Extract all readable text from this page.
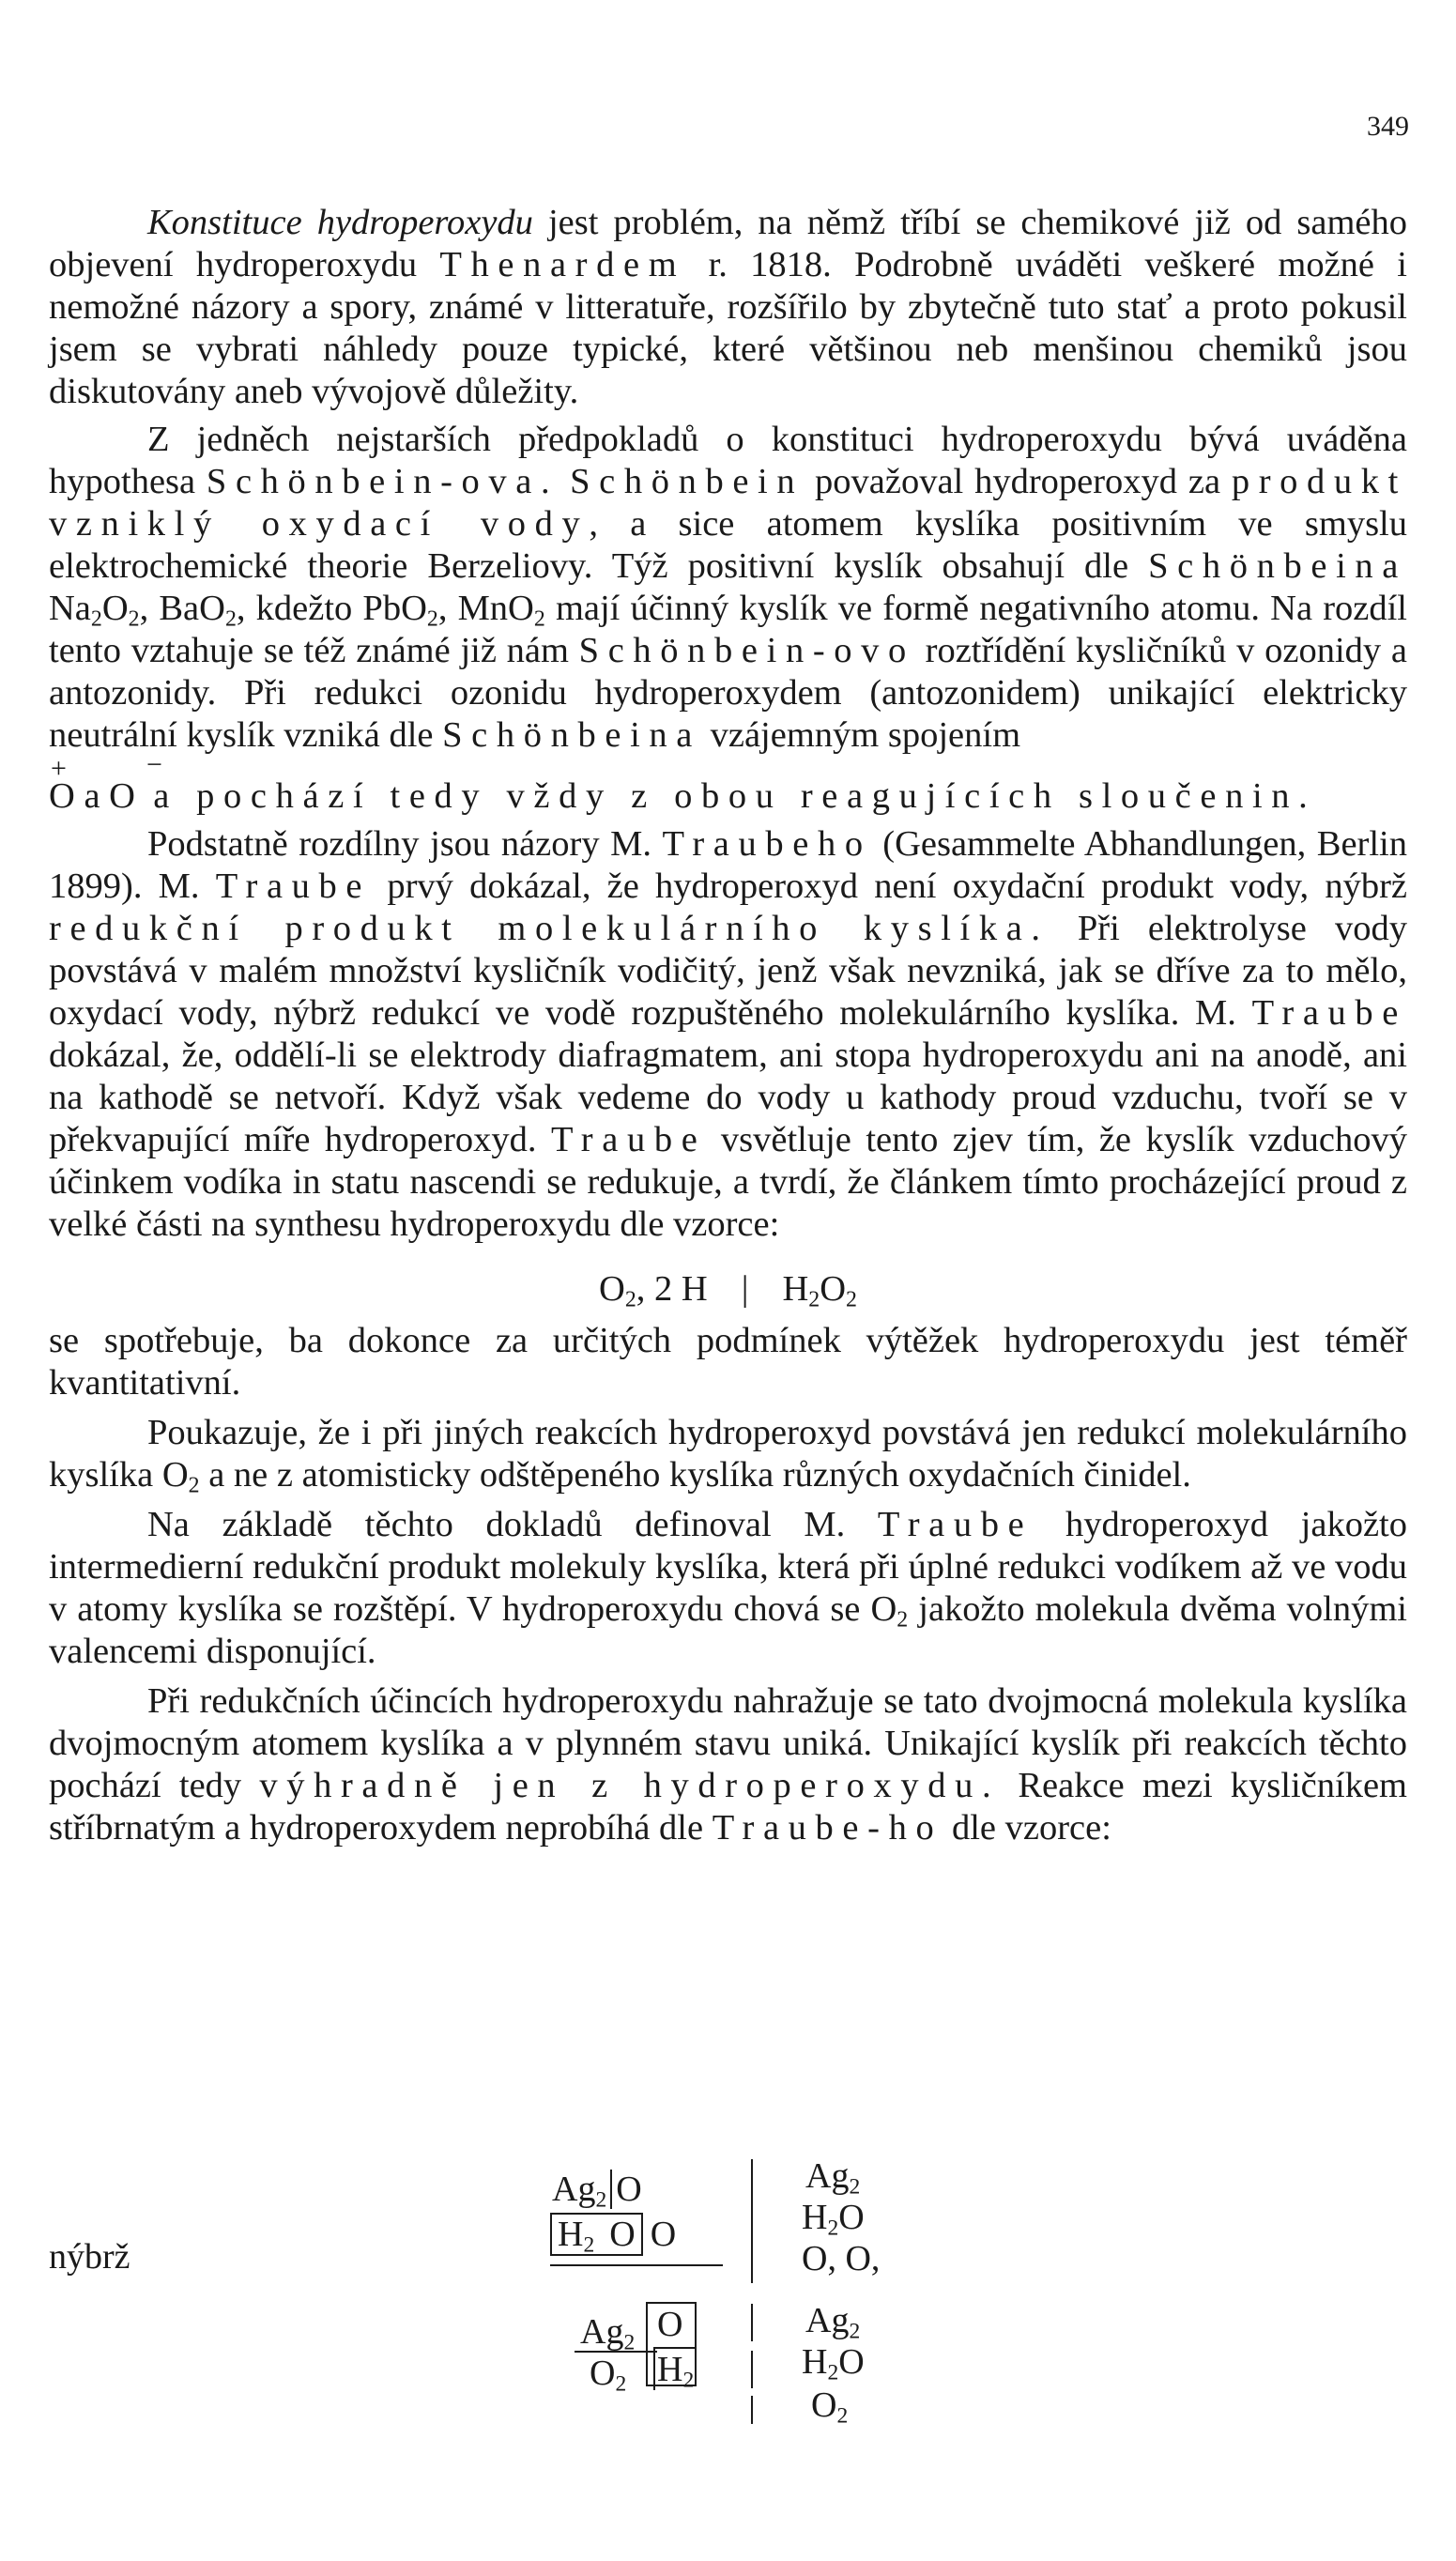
349

Konstituce hydroperoxydu jest problém, na němž tříbí se chemikové již od samého objevení hydroperoxydu Thenardem r. 1818. Podrobně uváděti veškeré možné i nemožné názory a spory, známé v litteratuře, rozšířilo by zbytečně tuto stať a proto pokusil jsem se vybrati náhledy pouze typické, které většinou neb menšinou chemiků jsou diskutovány aneb vývojově důležity.

Z jedněch nejstarších předpokladů o konstituci hydroperoxydu bývá uváděna hypothesa Schönbein-ova. Schönbein považoval hydroperoxyd za produkt vzniklý oxydací vody, a sice atomem kyslíka positivním ve smyslu elektrochemické theorie Berzeliovy. Týž positivní kyslík obsahují dle Schönbeina $Na_2O_2$, BaO$_2$, kdežto PbO$_2$, MnO$_2$ mají účinný kyslík ve formě negativního atomu. Na rozdíl tento vztahuje se též známé již nám Schönbein-ovo roztřídění kysličníků v ozonidy a antozonidy. Při redukci ozonidu hydroperoxydem (antozonidem) unikající elektricky neutrální kyslík vzniká dle Schönbeina vzájemným spojením

+	−
O a O a pochází tedy vždy z obou reagujících sloučenin.

Podstatně rozdílny jsou názory M. Traubeho (Gesammelte Abhandlungen, Berlin 1899). M. Traube prvý dokázal, že hydroperoxyd není oxydační produkt vody, nýbrž redukční produkt molekulárního kyslíka. Při elektrolyse vody povstává v malém množství kysličník vodičitý, jenž však nevzniká, jak se dříve za to mělo, oxydací vody, nýbrž redukcí ve vodě rozpuštěného molekulárního kyslíka. M. Traube dokázal, že, oddělí-li se elektrody diafragmatem, ani stopa hydroperoxydu ani na anodě, ani na kathodě se netvoří. Když však vedeme do vody u kathody proud vzduchu, tvoří se v překvapující míře hydroperoxyd. Traube vsvětluje tento zjev tím, že kyslík vzduchový účinkem vodíka in statu nascendi se redukuje, a tvrdí, že článkem tímto procházející proud z velké části na synthesu hydroperoxydu dle vzorce:

$O_2$, 2 H | $H_2O_2$

se spotřebuje, ba dokonce za určitých podmínek výtěžek hydroperoxydu jest téměř kvantitativní.

Poukazuje, že i při jiných reakcích hydroperoxyd povstává jen redukcí molekulárního kyslíka $O_2$ a ne z atomisticky odštěpeného kyslíka různých oxydačních činidel.

Na základě těchto dokladů definoval M. Traube hydroperoxyd jakožto intermedierní redukční produkt molekuly kyslíka, která při úplné redukci vodíkem až ve vodu v atomy kyslíka se rozštěpí. V hydroperoxydu chová se $O_2$ jakožto molekula dvěma volnými valencemi disponující.

Při redukčních účincích hydroperoxydu nahražuje se tato dvojmocná molekula kyslíka dvojmocným atomem kyslíka a v plynném stavu uniká. Unikající kyslík při reakcích těchto pochází tedy výhradně jen z hydroperoxydu. Reakce mezi kysličníkem stříbrnatým a hydroperoxydem neprobíhá dle Traube-ho dle vzorce:

$Ag_2$ O
$H_2$ O O
$Ag_2$
$H_2O$
O, O,
nýbrž
$Ag_2$ O
$O_2$ $H_2$
$Ag_2$
$H_2O$
$O_2$
